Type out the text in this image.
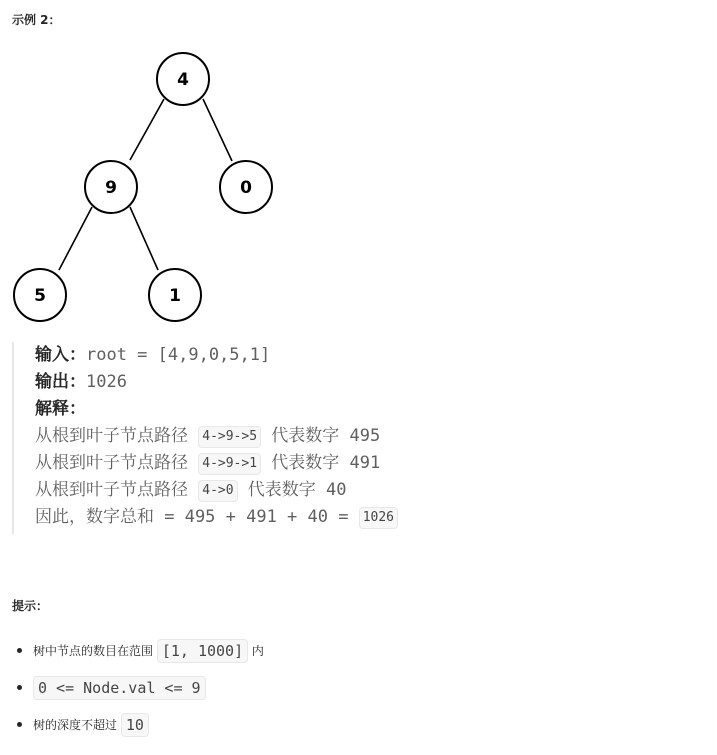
示例 2：
4
9	0
5	1
输入：root = [4,9,0,5,1]
输出：1026
解释：
从根到叶子节点路径 4->9->5 代表数字 495
从根到叶子节点路径 4->9->1 代表数字 491
从根到叶子节点路径 4->0 代表数字 40
因此，数字总和 = 495 + 491 + 40 = 1026
提示：
树中节点的数目在范围 [1, 1000] 内
0 <= Node.val <= 9
树的深度不超过 10
